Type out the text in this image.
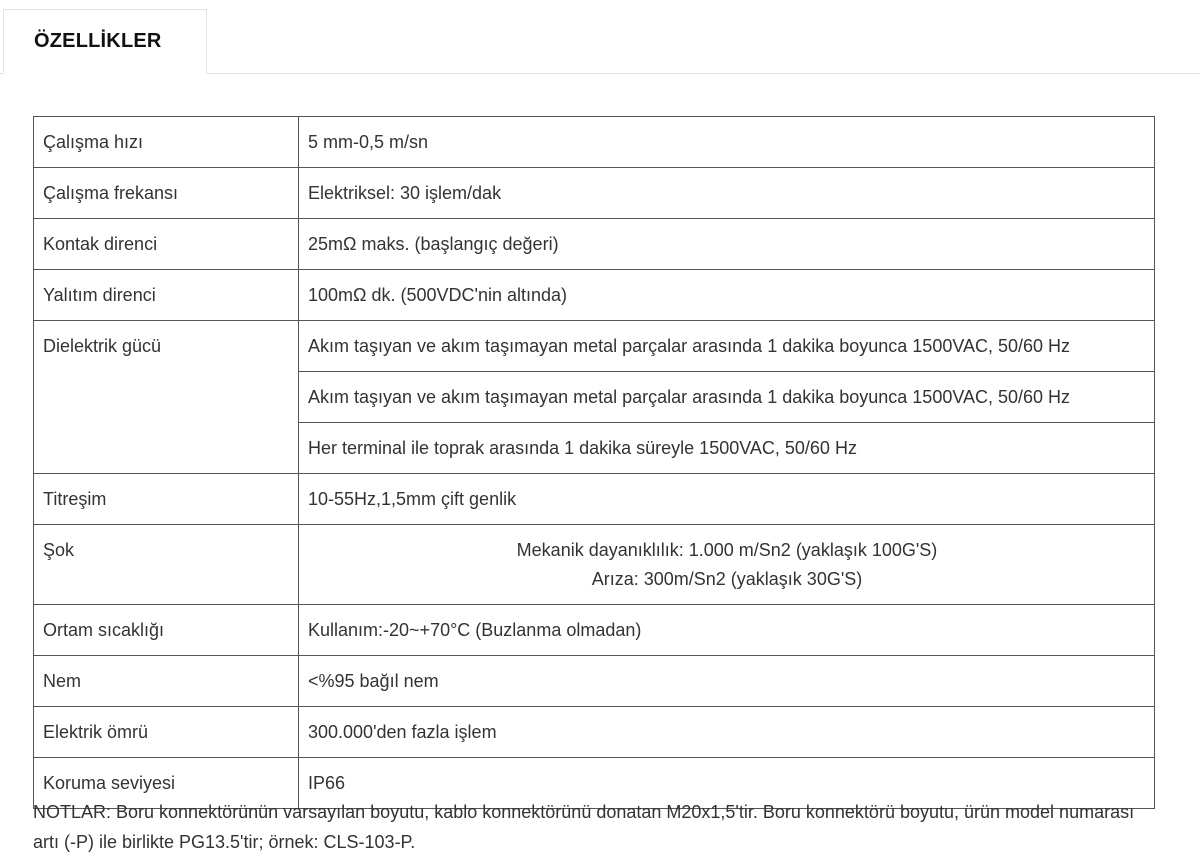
ÖZELLİKLER
Çalışma hızı	5 mm-0,5 m/sn
Çalışma frekansı	Elektriksel: 30 işlem/dak
Kontak direnci	25mΩ maks. (başlangıç değeri)
Yalıtım direnci	100mΩ dk. (500VDC'nin altında)
Dielektrik gücü	Akım taşıyan ve akım taşımayan metal parçalar arasında 1 dakika boyunca 1500VAC, 50/60 Hz
	Akım taşıyan ve akım taşımayan metal parçalar arasında 1 dakika boyunca 1500VAC, 50/60 Hz
	Her terminal ile toprak arasında 1 dakika süreyle 1500VAC, 50/60 Hz
Titreşim	10-55Hz,1,5mm çift genlik
Şok	Mekanik dayanıklılık: 1.000 m/Sn2 (yaklaşık 100G'S)
Arıza: 300m/Sn2 (yaklaşık 30G'S)

Ortam sıcaklığı	Kullanım:-20~+70°C (Buzlanma olmadan)
Nem	<%95 bağıl nem
Elektrik ömrü	300.000'den fazla işlem
Koruma seviyesi	IP66
NOTLAR: Boru konnektörünün varsayılan boyutu, kablo konnektörünü donatan M20x1,5'tir. Boru konnektörü boyutu, ürün model numarası artı (-P) ile birlikte PG13.5'tir; örnek: CLS-103-P.
